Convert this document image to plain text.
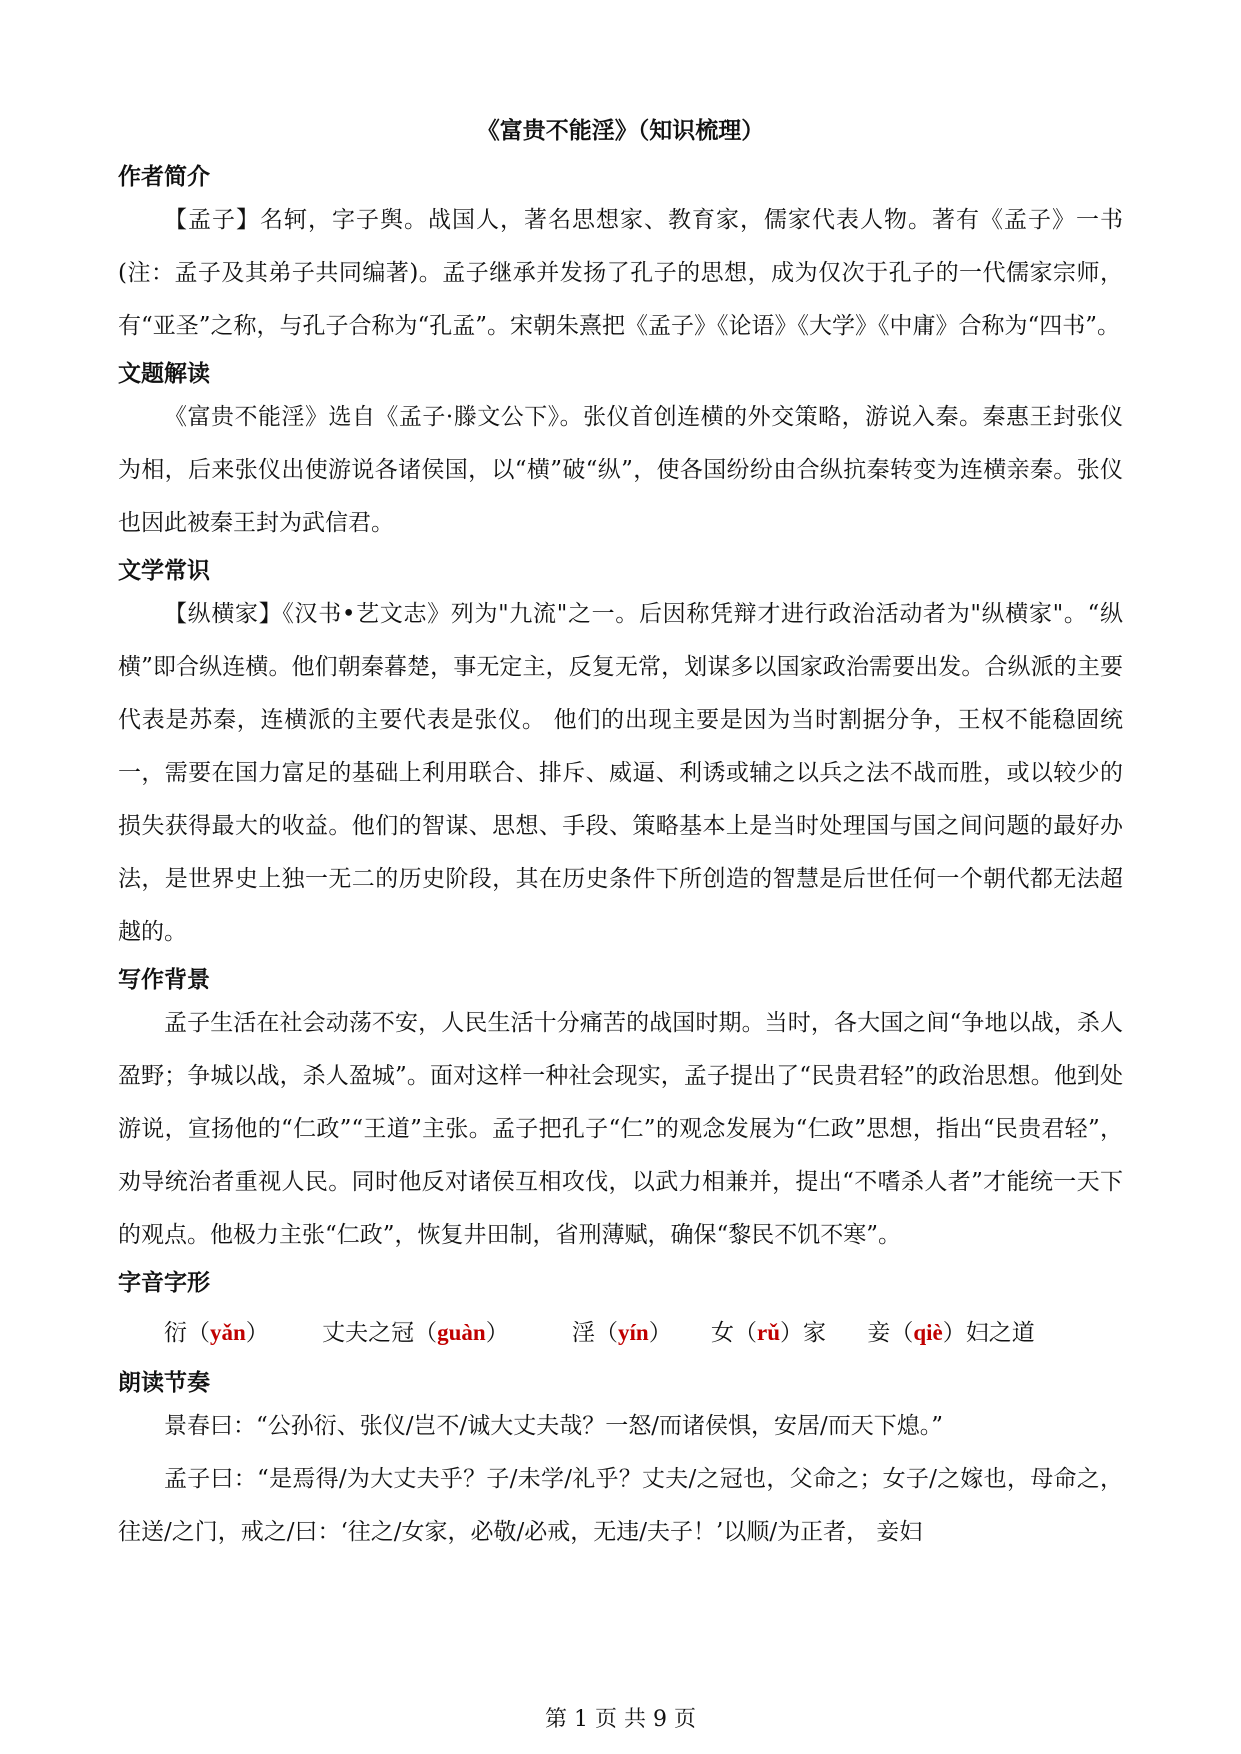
《富贵不能淫》（知识梳理）
作者简介

【孟子】名轲，字子舆。战国人，著名思想家、教育家，儒家代表人物。著有《孟子》一书(注：孟子及其弟子共同编著)。孟子继承并发扬了孔子的思想，成为仅次于孔子的一代儒家宗师，有“亚圣”之称，与孔子合称为“孔孟”。宋朝朱熹把《孟子》《论语》《大学》《中庸》合称为“四书”。

文题解读

《富贵不能淫》选自《孟子·滕文公下》。张仪首创连横的外交策略，游说入秦。秦惠王封张仪为相，后来张仪出使游说各诸侯国，以“横”破“纵”，使各国纷纷由合纵抗秦转变为连横亲秦。张仪也因此被秦王封为武信君。

文学常识

【纵横家】《汉书•艺文志》列为"九流"之一。后因称凭辩才进行政治活动者为"纵横家"。“纵横”即合纵连横。他们朝秦暮楚，事无定主，反复无常，划谋多以国家政治需要出发。合纵派的主要代表是苏秦，连横派的主要代表是张仪。 他们的出现主要是因为当时割据分争，王权不能稳固统一，需要在国力富足的基础上利用联合、排斥、威逼、利诱或辅之以兵之法不战而胜，或以较少的损失获得最大的收益。他们的智谋、思想、手段、策略基本上是当时处理国与国之间问题的最好办法，是世界史上独一无二的历史阶段，其在历史条件下所创造的智慧是后世任何一个朝代都无法超越的。

写作背景

孟子生活在社会动荡不安，人民生活十分痛苦的战国时期。当时，各大国之间“争地以战，杀人盈野；争城以战，杀人盈城”。面对这样一种社会现实，孟子提出了“民贵君轻”的政治思想。他到处游说，宣扬他的“仁政”“王道”主张。孟子把孔子“仁”的观念发展为“仁政”思想，指出“民贵君轻”，劝导统治者重视人民。同时他反对诸侯互相攻伐，以武力相兼并，提出“不嗜杀人者”才能统一天下的观点。他极力主张“仁政”，恢复井田制，省刑薄赋，确保“黎民不饥不寒”。

字音字形
衍（yǎn） 丈夫之冠（guàn）	淫（yín） 女（rǔ）家 妾（qiè）妇之道
朗读节奏

景春曰：“公孙衍、张仪/岂不/诚大丈夫哉？一怒/而诸侯惧，安居/而天下熄。”

孟子曰：“是焉得/为大丈夫乎？子/未学/礼乎？丈夫/之冠也，父命之；女子/之嫁也，母命之，往送/之门，戒之/曰：‘往之/女家，必敬/必戒，无违/夫子！’以顺/为正者， 妾妇

第 1 页 共 9 页
